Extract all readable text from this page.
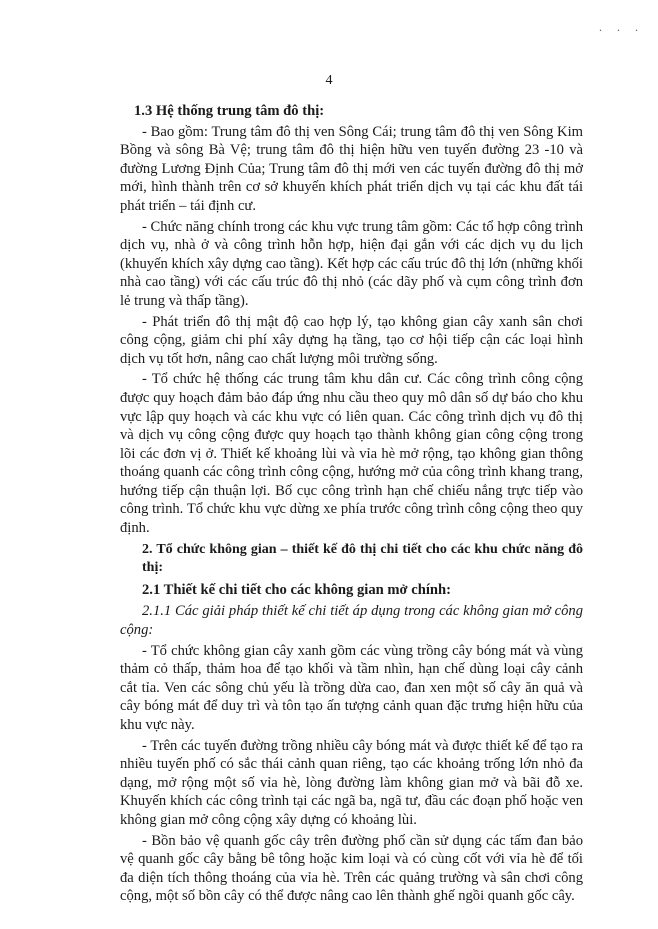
. . .
4

1.3 Hệ thống trung tâm đô thị:

- Bao gồm: Trung tâm đô thị ven Sông Cái; trung tâm đô thị ven Sông Kim Bồng và sông Bà Vệ; trung tâm đô thị hiện hữu ven tuyến đường 23 -10 và đường Lương Định Của; Trung tâm đô thị mới ven các tuyến đường đô thị mở mới, hình thành trên cơ sở khuyến khích phát triển dịch vụ tại các khu đất tái phát triển – tái định cư.

- Chức năng chính trong các khu vực trung tâm gồm: Các tổ hợp công trình dịch vụ, nhà ở và công trình hỗn hợp, hiện đại gắn với các dịch vụ du lịch (khuyến khích xây dựng cao tầng). Kết hợp các cấu trúc đô thị lớn (những khối nhà cao tầng) với các cấu trúc đô thị nhỏ (các dãy phố và cụm công trình đơn lẻ trung và thấp tầng).

- Phát triển đô thị mật độ cao hợp lý, tạo không gian cây xanh sân chơi công cộng, giảm chi phí xây dựng hạ tầng, tạo cơ hội tiếp cận các loại hình dịch vụ tốt hơn, nâng cao chất lượng môi trường sống.

- Tổ chức hệ thống các trung tâm khu dân cư. Các công trình công cộng được quy hoạch đảm bảo đáp ứng nhu cầu theo quy mô dân số dự báo cho khu vực lập quy hoạch và các khu vực có liên quan. Các công trình dịch vụ đô thị và dịch vụ công cộng được quy hoạch tạo thành không gian công cộng trong lõi các đơn vị ở. Thiết kế khoảng lùi và vỉa hè mở rộng, tạo không gian thông thoáng quanh các công trình công cộng, hướng mở của công trình khang trang, hướng tiếp cận thuận lợi. Bố cục công trình hạn chế chiếu nắng trực tiếp vào công trình. Tổ chức khu vực dừng xe phía trước công trình công cộng theo quy định.

2. Tổ chức không gian – thiết kế đô thị chi tiết cho các khu chức năng đô thị:

2.1 Thiết kế chi tiết cho các không gian mở chính:

2.1.1 Các giải pháp thiết kế chi tiết áp dụng trong các không gian mở công cộng:

- Tổ chức không gian cây xanh gồm các vùng trồng cây bóng mát và vùng thảm cỏ thấp, thảm hoa để tạo khối và tầm nhìn, hạn chế dùng loại cây cảnh cắt tỉa. Ven các sông chủ yếu là trồng dừa cao, đan xen một số cây ăn quả và cây bóng mát để duy trì và tôn tạo ấn tượng cảnh quan đặc trưng hiện hữu của khu vực này.

- Trên các tuyến đường trồng nhiều cây bóng mát và được thiết kế để tạo ra nhiều tuyến phố có sắc thái cảnh quan riêng, tạo các khoảng trống lớn nhỏ đa dạng, mở rộng một số vỉa hè, lòng đường làm không gian mở và bãi đỗ xe. Khuyến khích các công trình tại các ngã ba, ngã tư, đầu các đoạn phố hoặc ven không gian mở công cộng xây dựng có khoảng lùi.

- Bồn bảo vệ quanh gốc cây trên đường phố cần sử dụng các tấm đan bảo vệ quanh gốc cây bằng bê tông hoặc kim loại và có cùng cốt với vỉa hè để tối đa diện tích thông thoáng của vỉa hè. Trên các quảng trường và sân chơi công cộng, một số bồn cây có thể được nâng cao lên thành ghế ngồi quanh gốc cây.
